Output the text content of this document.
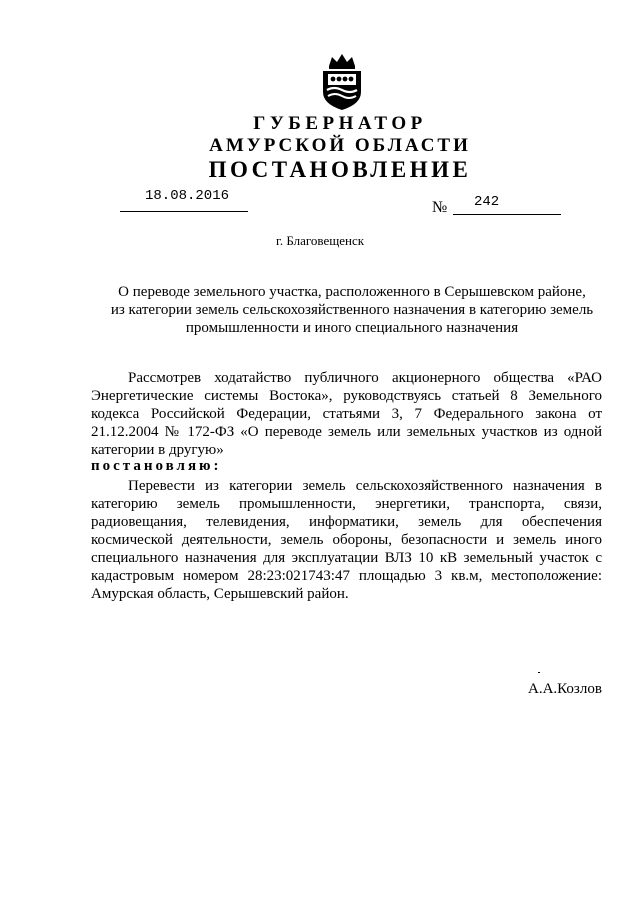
ГУБЕРНАТОР
АМУРСКОЙ ОБЛАСТИ
ПОСТАНОВЛЕНИЕ
18.08.2016
№ 242
г. Благовещенск
О переводе земельного участка, расположенного в Серышевском районе,
из категории земель сельскохозяйственного назначения в категорию земель
промышленности и иного специального назначения
Рассмотрев ходатайство публичного акционерного общества «РАО
Энергетические системы Востока», руководствуясь статьей 8 Земельного
кодекса Российской Федерации, статьями 3, 7 Федерального закона от
21.12.2004 № 172-ФЗ «О переводе земель или земельных участков из одной
категории в другую»
постановляю:
Перевести из категории земель сельскохозяйственного назначения в
категорию земель промышленности, энергетики, транспорта, связи,
радиовещания, телевидения, информатики, земель для обеспечения
космической деятельности, земель обороны, безопасности и земель иного
специального назначения для эксплуатации ВЛЗ 10 кВ земельный участок с
кадастровым номером 28:23:021743:47 площадью 3 кв.м, местоположение:
Амурская область, Серышевский район.
А.А.Козлов
